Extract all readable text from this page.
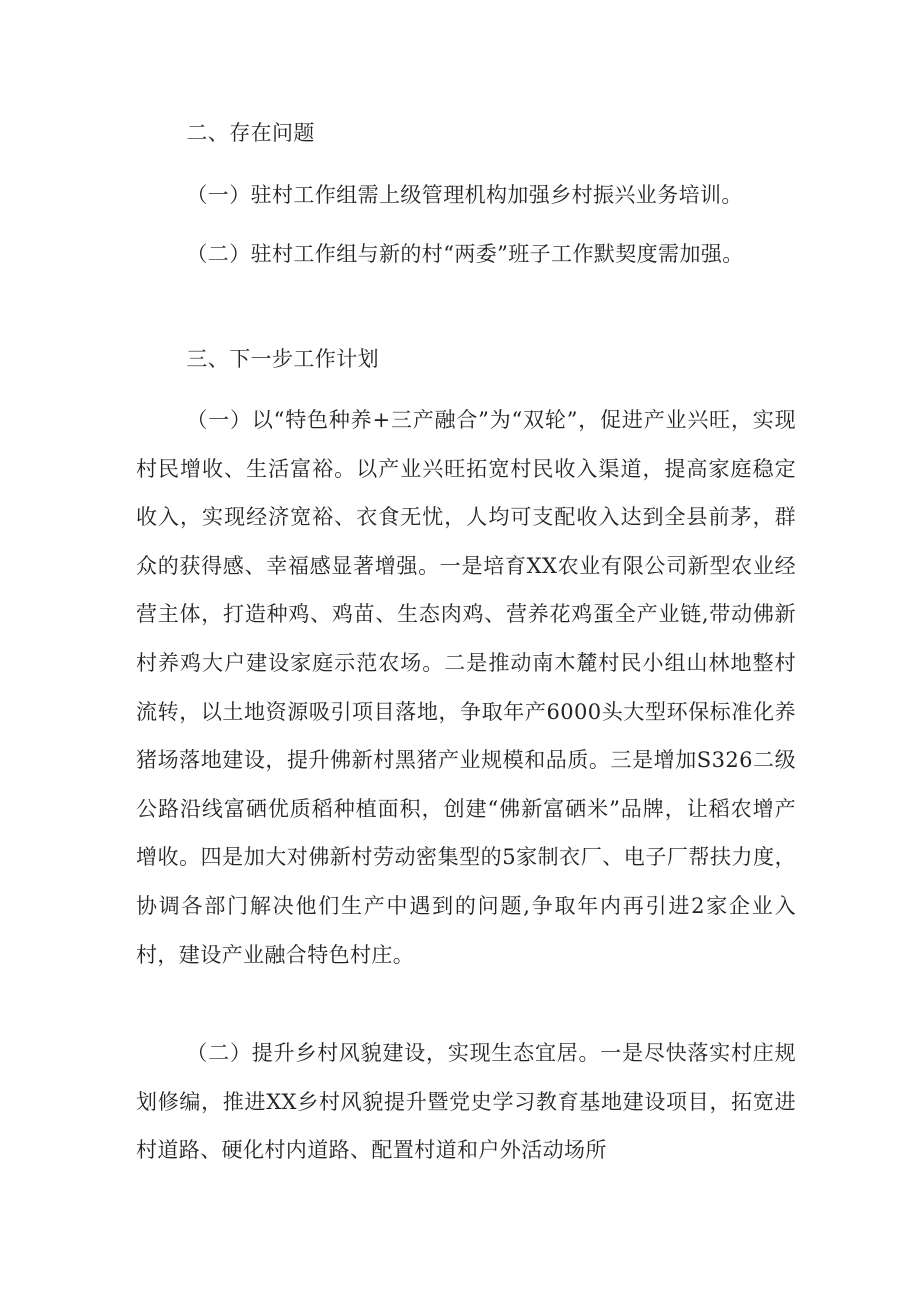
二、存在问题

（一）驻村工作组需上级管理机构加强乡村振兴业务培训。

（二）驻村工作组与新的村“两委”班子工作默契度需加强。

三、下一步工作计划

（一）以“特色种养+三产融合”为“双轮”，促进产业兴旺，实现村民增收、生活富裕。以产业兴旺拓宽村民收入渠道，提高家庭稳定收入，实现经济宽裕、衣食无忧，人均可支配收入达到全县前茅，群众的获得感、幸福感显著增强。一是培育XX农业有限公司新型农业经营主体，打造种鸡、鸡苗、生态肉鸡、营养花鸡蛋全产业链,带动佛新村养鸡大户建设家庭示范农场。二是推动南木麓村民小组山林地整村流转，以土地资源吸引项目落地，争取年产6000头大型环保标准化养猪场落地建设，提升佛新村黑猪产业规模和品质。三是增加S326二级公路沿线富硒优质稻种植面积，创建“佛新富硒米”品牌，让稻农增产增收。四是加大对佛新村劳动密集型的5家制衣厂、电子厂帮扶力度，协调各部门解决他们生产中遇到的问题,争取年内再引进2家企业入村，建设产业融合特色村庄。

（二）提升乡村风貌建设，实现生态宜居。一是尽快落实村庄规划修编，推进XX乡村风貌提升暨党史学习教育基地建设项目，拓宽进村道路、硬化村内道路、配置村道和户外活动场所
